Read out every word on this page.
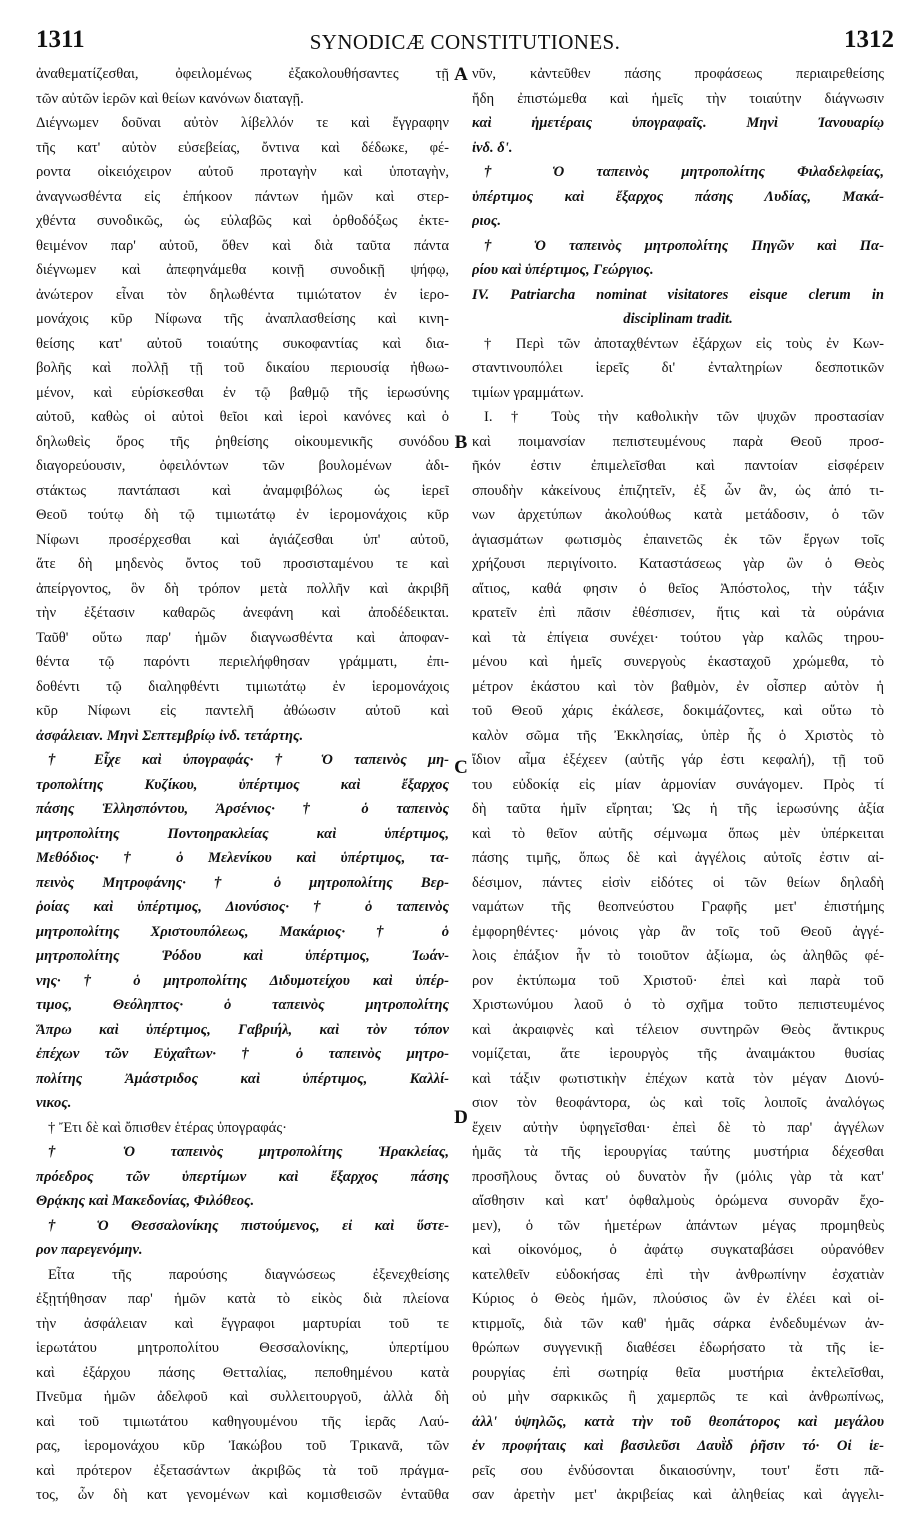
1311	SYNODICÆ CONSTITUTIONES.	1312
ἀναθεματίζεσθαι, ὀφειλομένως ἐξακολουθήσαντες τῇ
τῶν αὐτῶν ἱερῶν καὶ θείων κανόνων διαταγῇ.
Διέγνωμεν δοῦναι αὐτὸν λίβελλόν τε καὶ ἔγγραφην
τῆς κατ' αὐτὸν εὐσεβείας, ὄντινα καὶ δέδωκε, φέ-
ροντα οἰκειόχειρον αὐτοῦ προταγὴν καὶ ὑποταγὴν,
ἀναγνωσθέντα εἰς ἐπήκοον πάντων ἡμῶν καὶ στερ-
χθέντα συνοδικῶς, ὡς εὐλαβῶς καὶ ὀρθοδόξως ἐκτε-
θειμένον παρ' αὐτοῦ, ὅθεν καὶ διὰ ταῦτα πάντα
διέγνωμεν καὶ ἀπεφηνάμεθα κοινῇ συνοδικῇ ψήφῳ,
ἀνώτερον εἶναι τὸν δηλωθέντα τιμιώτατον ἐν ἱερο-
μονάχοις κῦρ Νίφωνα τῆς ἀναπλασθείσης καὶ κινη-
θείσης κατ' αὐτοῦ τοιαύτης συκοφαντίας καὶ δια-
βολῆς καὶ πολλῇ τῇ τοῦ δικαίου περιουσίᾳ ἠθωω-
μένον, καὶ εὑρίσκεσθαι ἐν τῷ βαθμῷ τῆς ἱερωσύνης
αὐτοῦ, καθὼς οἱ αὐτοὶ θεῖοι καὶ ἱεροὶ κανόνες καὶ ὁ
δηλωθεὶς ὅρος τῆς ῥηθείσης οἰκουμενικῆς συνόδου
διαγορεύουσιν, ὀφειλόντων τῶν βουλομένων ἀδι-
στάκτως παντάπασι καὶ ἀναμφιβόλως ὡς ἱερεῖ
Θεοῦ τούτῳ δὴ τῷ τιμιωτάτῳ ἐν ἱερομονάχοις κῦρ
Νίφωνι προσέρχεσθαι καὶ ἁγιάζεσθαι ὑπ' αὐτοῦ,
ἅτε δὴ μηδενὸς ὄντος τοῦ προσισταμένου τε καὶ
ἀπείργοντος, ὃν δὴ τρόπον μετὰ πολλῆν καὶ ἀκριβῆ
τὴν ἐξέτασιν καθαρῶς ἀνεφάνη καὶ ἀποδέδεικται.
Ταῦθ' οὕτω παρ' ἡμῶν διαγνωσθέντα καὶ ἀποφαν-
θέντα τῷ παρόντι περιελήφθησαν γράμματι, ἐπι-
δοθέντι τῷ διαληφθέντι τιμιωτάτῳ ἐν ἱερομονάχοις
κῦρ Νίφωνι εἰς παντελῆ ἀθώωσιν αὐτοῦ καὶ
ἀσφάλειαν. Μηνὶ Σεπτεμβρίῳ ἰνδ. τετάρτης.
† Εἶχε καὶ ὑπογραφάς· † Ὁ ταπεινὸς μη-
τροπολίτης Κυζίκου, ὑπέρτιμος καὶ ἔξαρχος
πάσης Ἑλλησπόντου, Ἀρσένιος· † ὁ ταπεινὸς
μητροπολίτης Ποντοηρακλείας καὶ ὑπέρτιμος,
Μεθόδιος· † ὁ Μελενίκου καὶ ὑπέρτιμος, τα-
πεινὸς Μητροφάνης· † ὁ μητροπολίτης Βερ-
ῥοίας καὶ ὑπέρτιμος, Διονύσιος· † ὁ ταπεινὸς
μητροπολίτης Χριστουπόλεως, Μακάριος· † ὁ
μητροπολίτης Ῥόδου καὶ ὑπέρτιμος, Ἰωάν-
νης· † ὁ μητροπολίτης Διδυμοτείχου καὶ ὑπέρ-
τιμος, Θεόληπτος· ὁ ταπεινὸς μητροπολίτης
Ἄπρω καὶ ὑπέρτιμος, Γαβριήλ, καὶ τὸν τόπον
ἐπέχων τῶν Εὐχαΐτων· † ὁ ταπεινὸς μητρο-
πολίτης Ἀμάστριδος καὶ ὑπέρτιμος, Καλλί-
νικος.
† Ἔτι δὲ καὶ ὄπισθεν ἑτέρας ὑπογραφάς·
† Ὁ ταπεινὸς μητροπολίτης Ἡρακλείας,
πρόεδρος τῶν ὑπερτίμων καὶ ἔξαρχος πάσης
Θρᾴκης καὶ Μακεδονίας, Φιλόθεος.
† Ὁ Θεσσαλονίκης πιστούμενος, εἰ καὶ ὕστε-
ρον παρεγενόμην.
Εἶτα τῆς παρούσης διαγνώσεως ἐξενεχθείσης
ἐξῃτήθησαν παρ' ἡμῶν κατὰ τὸ εἰκὸς διὰ πλείονα
τὴν ἀσφάλειαν καὶ ἔγγραφοι μαρτυρίαι τοῦ τε
ἱερωτάτου μητροπολίτου Θεσσαλονίκης, ὑπερτίμου
καὶ ἐξάρχου πάσης Θετταλίας, πεποθημένου κατὰ
Πνεῦμα ἡμῶν ἀδελφοῦ καὶ συλλειτουργοῦ, ἀλλὰ δὴ
καὶ τοῦ τιμιωτάτου καθηγουμένου τῆς ἱερᾶς Λαύ-
ρας, ἱερομονάχου κῦρ Ἰακώβου τοῦ Τρικανᾶ, τῶν
καὶ πρότερον ἐξετασάντων ἀκριβῶς τὰ τοῦ πράγμα-
τος, ὧν δὴ κατ γενομένων καὶ κομισθεισῶν ἐνταῦθα
νῦν, κἀντεῦθεν πάσης προφάσεως περιαιρεθείσης
ἤδη ἐπιστώμεθα καὶ ἡμεῖς τὴν τοιαύτην διάγνωσιν
καὶ ἡμετέραις ὑπογραφαῖς. Μηνὶ Ἰανουαρίῳ
ἰνδ. δ'.
† Ὁ ταπεινὸς μητροπολίτης Φιλαδελφείας,
ὑπέρτιμος καὶ ἔξαρχος πάσης Λυδίας, Μακά-
ριος.
† Ὁ ταπεινὸς μητροπολίτης Πηγῶν καὶ Πα-
ρίου καὶ ὑπέρτιμος, Γεώργιος.
IV. Patriarcha nominat visitatores eisque clerum in
disciplinam tradit.
† Περὶ τῶν ἀποταχθέντων ἐξάρχων εἰς τοὺς ἐν Κων-
σταντινουπόλει ἱερεῖς δι' ἐνταλτηρίων δεσποτικῶν
τιμίων γραμμάτων.
Ι. † Τοὺς τὴν καθολικὴν τῶν ψυχῶν προστασίαν
καὶ ποιμανσίαν πεπιστευμένους παρὰ Θεοῦ προσ-
ῆκόν ἐστιν ἐπιμελεῖσθαι καὶ παντοίαν εἰσφέρειν
σπουδὴν κἀκείνους ἐπιζητεῖν, ἐξ ὧν ἂν, ὡς ἀπό τι-
νων ἀρχετύπων ἀκολούθως κατὰ μετάδοσιν, ὁ τῶν
ἁγιασμάτων φωτισμὸς ἐπαινετῶς ἐκ τῶν ἔργων τοῖς
χρήζουσι περιγίνοιτο. Καταστάσεως γὰρ ὢν ὁ Θεὸς
αἴτιος, καθά φησιν ὁ θεῖος Ἀπόστολος, τὴν τάξιν
κρατεῖν ἐπὶ πᾶσιν ἐθέσπισεν, ἥτις καὶ τὰ οὐράνια
καὶ τὰ ἐπίγεια συνέχει· τούτου γὰρ καλῶς τηρου-
μένου καὶ ἡμεῖς συνεργοὺς ἑκασταχοῦ χρώμεθα, τὸ
μέτρον ἑκάστου καὶ τὸν βαθμὸν, ἐν οἷσπερ αὐτὸν ἡ
τοῦ Θεοῦ χάρις ἐκάλεσε, δοκιμάζοντες, καὶ οὕτω τὸ
καλὸν σῶμα τῆς Ἐκκλησίας, ὑπὲρ ἧς ὁ Χριστὸς τὸ
ἴδιον αἷμα ἐξέχεεν (αὐτῆς γάρ ἐστι κεφαλή), τῇ τοῦ
του εὐδοκίᾳ εἰς μίαν ἁρμονίαν συνάγομεν. Πρὸς τί
δὴ ταῦτα ἡμῖν εἴρηται; Ὡς ἡ τῆς ἱερωσύνης ἀξία
καὶ τὸ θεῖον αὐτῆς σέμνωμα ὅπως μὲν ὑπέρκειται
πάσης τιμῆς, ὅπως δὲ καὶ ἀγγέλοις αὐτοῖς ἐστιν αἰ-
δέσιμον, πάντες εἰσὶν εἰδότες οἱ τῶν θείων δηλαδὴ
ναμάτων τῆς θεοπνεύστου Γραφῆς μετ' ἐπιστήμης
ἐμφορηθέντες· μόνοις γὰρ ἂν τοῖς τοῦ Θεοῦ ἀγγέ-
λοις ἐπάξιον ἦν τὸ τοιοῦτον ἀξίωμα, ὡς ἀληθῶς φέ-
ρον ἐκτύπωμα τοῦ Χριστοῦ· ἐπεὶ καὶ παρὰ τοῦ
Χριστωνύμου λαοῦ ὁ τὸ σχῆμα τοῦτο πεπιστευμένος
καὶ ἀκραιφνὲς καὶ τέλειον συντηρῶν Θεὸς ἄντικρυς
νομίζεται, ἅτε ἱερουργὸς τῆς ἀναιμάκτου θυσίας
καὶ τάξιν φωτιστικὴν ἐπέχων κατὰ τὸν μέγαν Διονύ-
σιον τὸν θεοφάντορα, ὡς καὶ τοῖς λοιποῖς ἀναλόγως
ἔχειν αὐτὴν ὑφηγεῖσθαι· ἐπεὶ δὲ τὸ παρ' ἀγγέλων
ἡμᾶς τὰ τῆς ἱερουργίας ταύτης μυστήρια δέχεσθαι
προσῆλους ὄντας οὐ δυνατὸν ἦν (μόλις γὰρ τὰ κατ'
αἴσθησιν καὶ κατ' ὀφθαλμοὺς ὁρώμενα συνορᾶν ἔχο-
μεν), ὁ τῶν ἡμετέρων ἁπάντων μέγας προμηθεὺς
καὶ οἰκονόμος, ὁ ἀφάτῳ συγκαταβάσει οὐρανόθεν
κατελθεῖν εὐδοκήσας ἐπὶ τὴν ἀνθρωπίνην ἐσχατιὰν
Κύριος ὁ Θεὸς ἡμῶν, πλούσιος ὢν ἐν ἐλέει καὶ οἰ-
κτιρμοῖς, διὰ τῶν καθ' ἡμᾶς σάρκα ἐνδεδυμένων ἀν-
θρώπων συγγενικῇ διαθέσει ἐδωρήσατο τὰ τῆς ἱε-
ρουργίας ἐπὶ σωτηρίᾳ θεῖα μυστήρια ἐκτελεῖσθαι,
οὐ μὴν σαρκικῶς ἢ χαμερπῶς τε καὶ ἀνθρωπίνως,
ἀλλ' ὑψηλῶς, κατὰ τὴν τοῦ θεοπάτορος καὶ μεγάλου
ἐν προφήταις καὶ βασιλεῦσι Δαυῒδ ῥῆσιν τό· Οἱ ἱε-
ρεῖς σου ἐνδύσονται δικαιοσύνην, τουτ' ἔστι πᾶ-
σαν ἀρετὴν μετ' ἀκριβείας καὶ ἀληθείας καὶ ἀγγελι-
A
B
C
D
